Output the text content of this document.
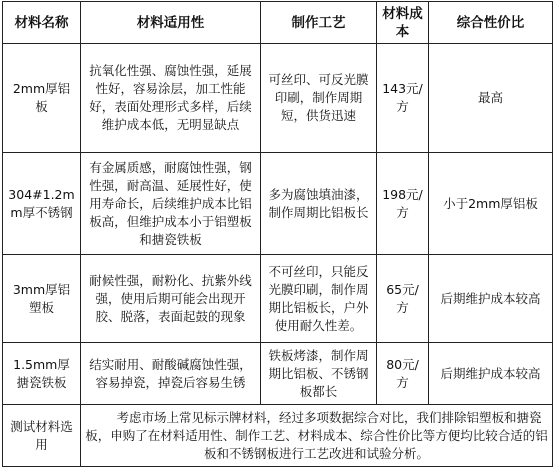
材料名称	材料适用性	制作工艺	材料成本	综合性价比
2mm厚铝板	抗氧化性强、腐蚀性强，延展性好，容易涂层，加工性能好，表面处理形式多样，后续维护成本低，无明显缺点	可丝印、可反光膜印刷，制作周期短，供货迅速	143元/方	最高
304#1.2mm厚不锈钢	有金属质感，耐腐蚀性强，钢性强，耐高温、延展性好，使用寿命长，后续维护成本比铝板高，但维护成本小于铝塑板和搪瓷铁板	多为腐蚀填油漆，制作周期比铝板长	198元/方	小于2mm厚铝板
3mm厚铝塑板	耐候性强，耐粉化、抗紫外线强，使用后期可能会出现开胶、脱落，表面起鼓的现象	不可丝印，只能反光膜印刷，制作周期比铝板长，户外使用耐久性差。	65元/方	后期维护成本较高
1.5mm厚搪瓷铁板	结实耐用、耐酸碱腐蚀性强，容易掉瓷，掉瓷后容易生锈	铁板烤漆，制作周期比铝板、不锈钢板都长	80元/方	后期维护成本较高
测试材料选用	考虑市场上常见标示牌材料，经过多项数据综合对比，我们排除铝塑板和搪瓷板，申购了在材料适用性、制作工艺、材料成本、综合性价比等方便均比较合适的铝板和不锈钢板进行工艺改进和试验分析。			
